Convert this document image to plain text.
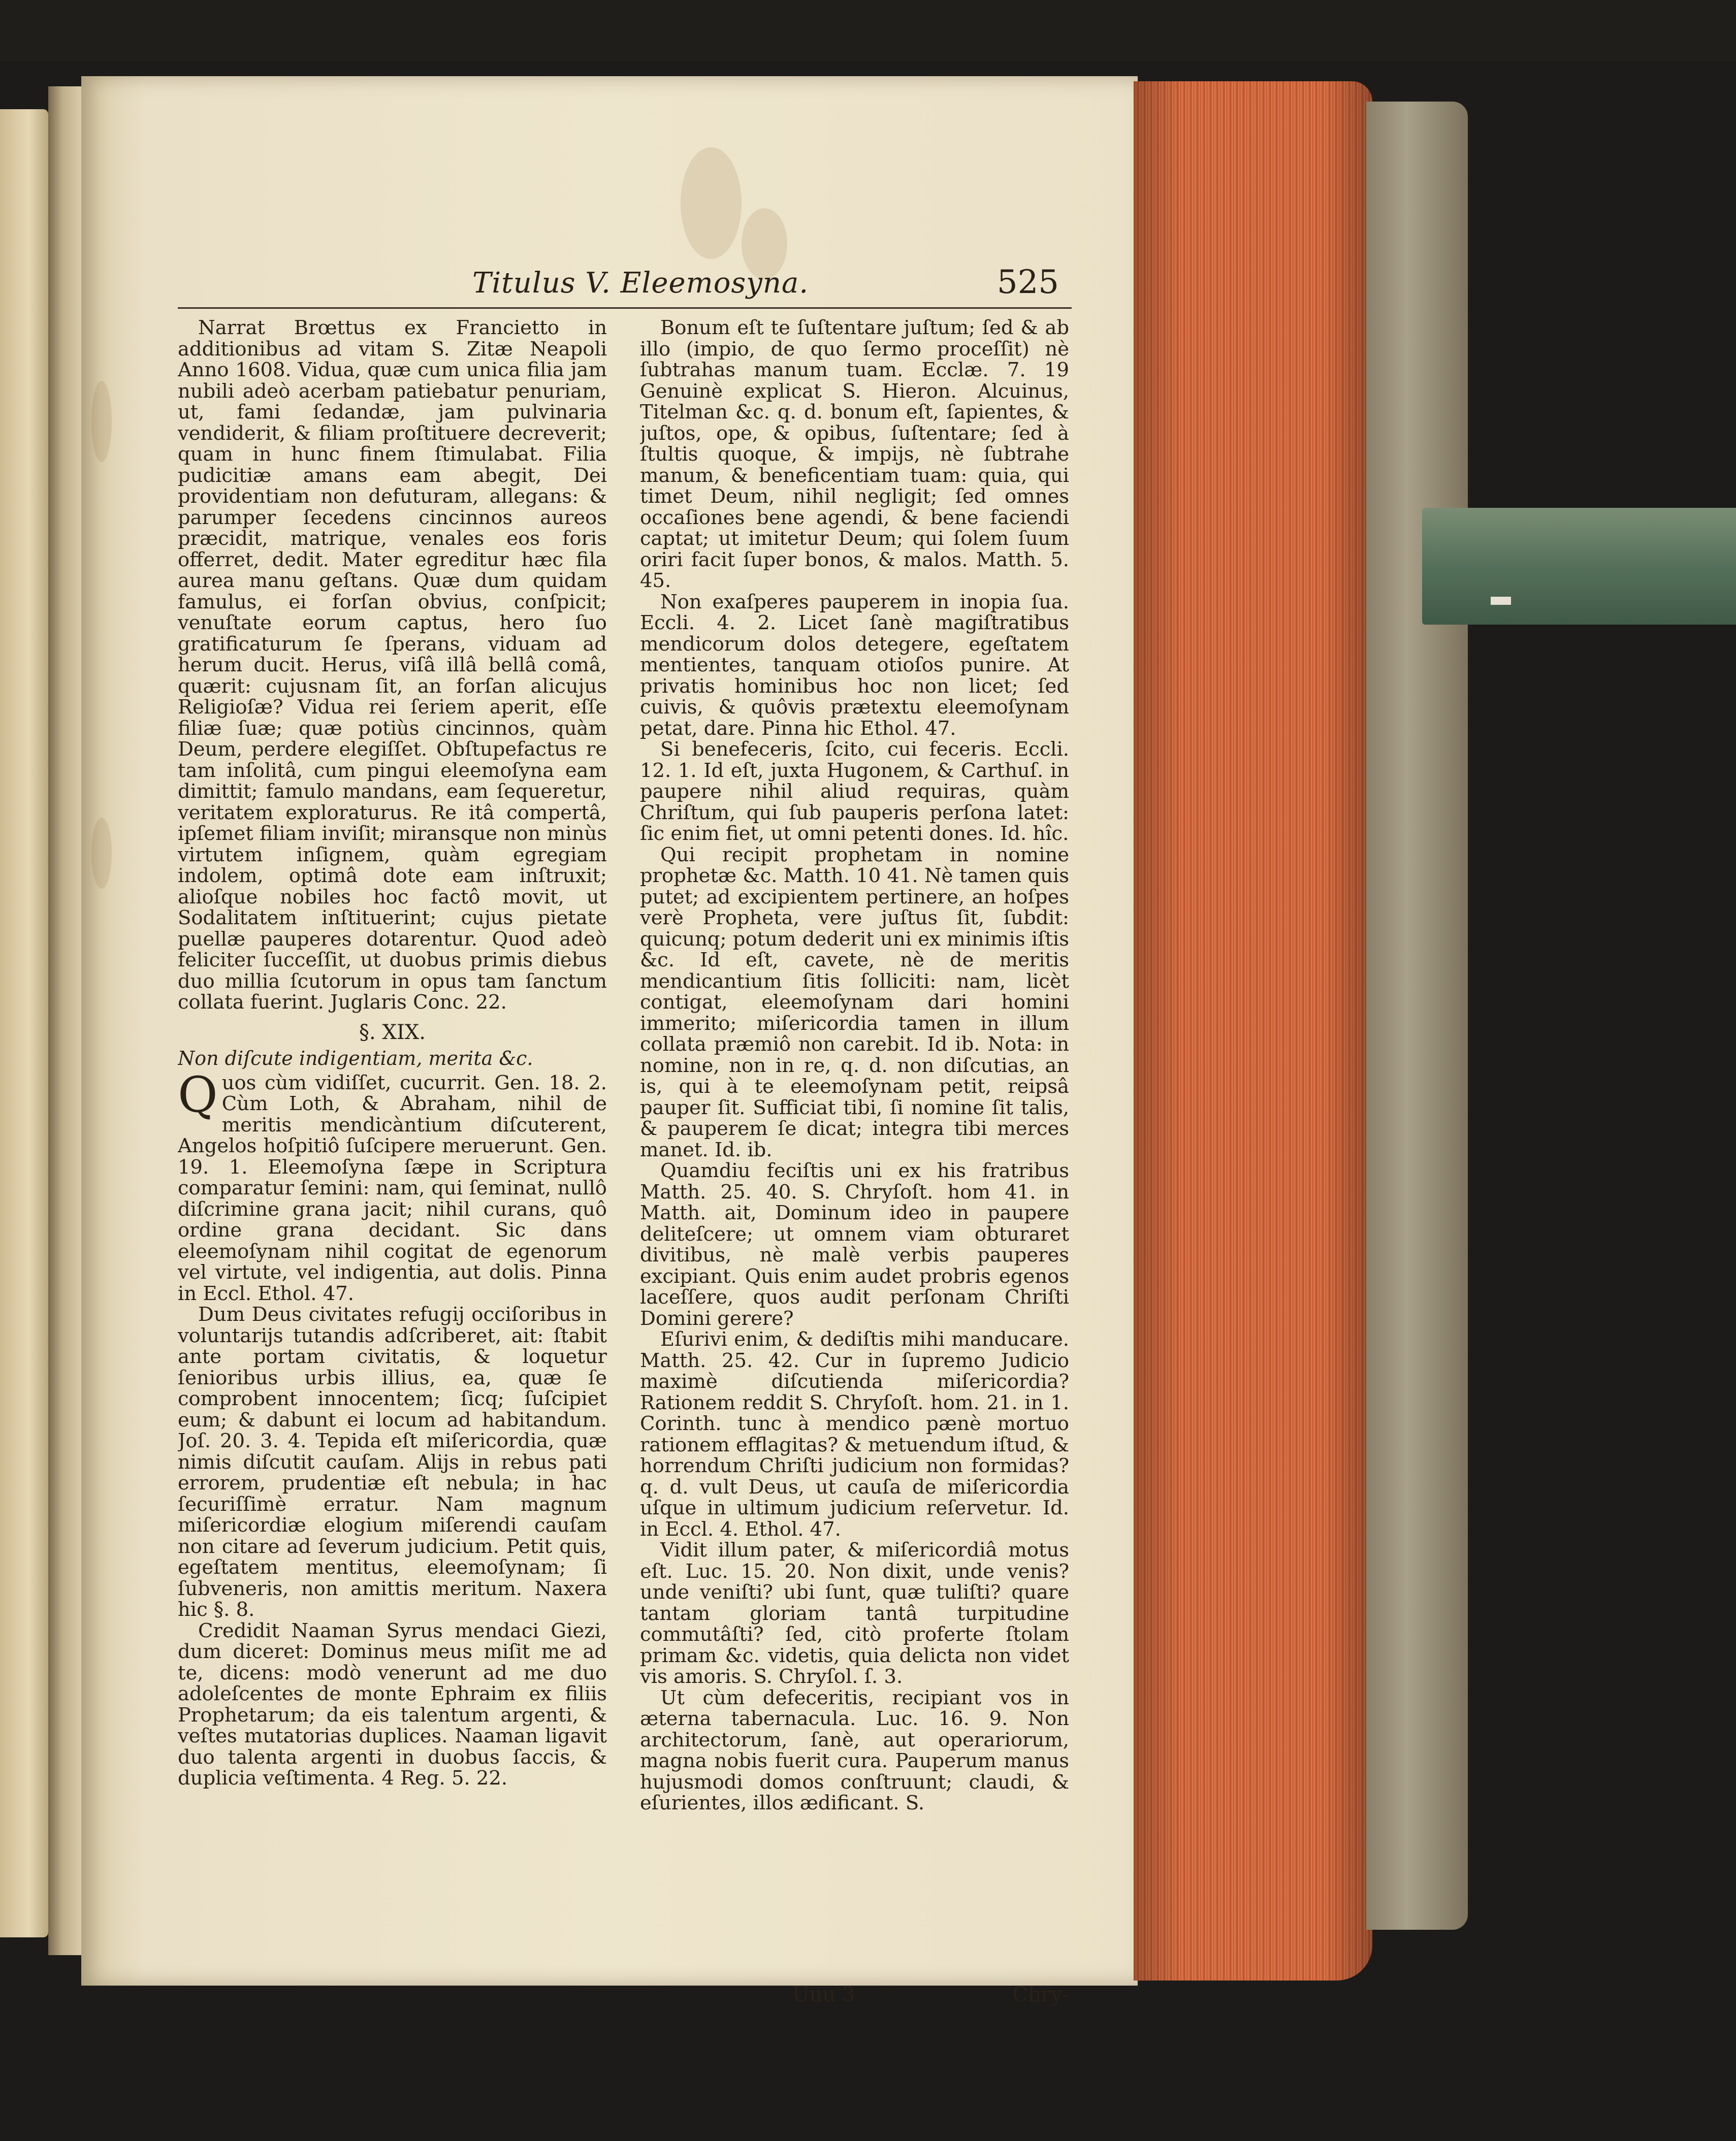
Titulus V. Eleemosyna.	525

Narrat Brœttus ex Francietto in additionibus ad vitam S. Zitæ Neapoli Anno 1608. Vidua, quæ cum unica filia jam nubili adeò acerbam patiebatur penuriam, ut, fami ſedandæ, jam pulvinaria vendiderit, & filiam proſtituere decreverit; quam in hunc finem ſtimulabat. Filia pudicitiæ amans eam abegit, Dei providentiam non defuturam, allegans: & parumper ſecedens cincinnos aureos præcidit, matrique, venales eos foris offerret, dedit. Mater egreditur hæc fila aurea manu geſtans. Quæ dum quidam famulus, ei forſan obvius, conſpicit; venuſtate eorum captus, hero ſuo gratificaturum ſe ſperans, viduam ad herum ducit. Herus, viſâ illâ bellâ comâ, quærit: cujusnam ſit, an forſan alicujus Religioſæ? Vidua rei ſeriem aperit, eſſe filiæ ſuæ; quæ potiùs cincinnos, quàm Deum, perdere elegiſſet. Obſtupefactus re tam inſolitâ, cum pingui eleemoſyna eam dimittit; famulo mandans, eam ſequeretur, veritatem exploraturus. Re itâ compertâ, ipſemet filiam inviſit; miransque non minùs virtutem inſignem, quàm egregiam indolem, optimâ dote eam inſtruxit; alioſque nobiles hoc factô movit, ut Sodalitatem inſtituerint; cujus pietate puellæ pauperes dotarentur. Quod adeò feliciter ſucceſſit, ut duobus primis diebus duo millia ſcutorum in opus tam ſanctum collata fuerint. Juglaris Conc. 22.

§. XIX.
Non diſcute indigentiam, merita &c.

Quos cùm vidiſſet, cucurrit. Gen. 18. 2. Cùm Loth, & Abraham, nihil de meritis mendicàntium diſcuterent, Angelos hoſpitiô ſuſcipere meruerunt. Gen. 19. 1. Eleemoſyna ſæpe in Scriptura comparatur ſemini: nam, qui ſeminat, nullô diſcrimine grana jacit; nihil curans, quô ordine grana decidant. Sic dans eleemoſynam nihil cogitat de egenorum vel virtute, vel indigentia, aut dolis. Pinna in Eccl. Ethol. 47.

Dum Deus civitates refugij occiſoribus in voluntarijs tutandis adſcriberet, ait: ſtabit ante portam civitatis, & loquetur ſenioribus urbis illius, ea, quæ ſe comprobent innocentem; ſicq; ſuſcipiet eum; & dabunt ei locum ad habitandum. Joſ. 20. 3. 4. Tepida eſt miſericordia, quæ nimis diſcutit cauſam. Alijs in rebus pati errorem, prudentiæ eſt nebula; in hac ſecuriſſimè erratur. Nam magnum miſericordiæ elogium miſerendi cauſam non citare ad ſeverum judicium. Petit quis, egeſtatem mentitus, eleemoſynam; ſi ſubveneris, non amittis meritum. Naxera hic §. 8.

Credidit Naaman Syrus mendaci Giezi, dum diceret: Dominus meus miſit me ad te, dicens: modò venerunt ad me duo adoleſcentes de monte Ephraim ex filiis Prophetarum; da eis talentum argenti, & veſtes mutatorias duplices. Naaman ligavit duo talenta argenti in duobus ſaccis, & duplicia veſtimenta. 4 Reg. 5. 22.

Bonum eſt te ſuſtentare juſtum; ſed & ab illo (impio, de quo ſermo proceſſit) nè ſubtrahas manum tuam. Ecclæ. 7. 19 Genuinè explicat S. Hieron. Alcuinus, Titelman &c. q. d. bonum eſt, ſapientes, & juſtos, ope, & opibus, ſuſtentare; ſed à ſtultis quoque, & impijs, nè ſubtrahe manum, & beneficentiam tuam: quia, qui timet Deum, nihil negligit; ſed omnes occaſiones bene agendi, & bene faciendi captat; ut imitetur Deum; qui ſolem ſuum oriri facit ſuper bonos, & malos. Matth. 5. 45.

Non exaſperes pauperem in inopia ſua. Eccli. 4. 2. Licet ſanè magiſtratibus mendicorum dolos detegere, egeſtatem mentientes, tanquam otioſos punire. At privatis hominibus hoc non licet; ſed cuivis, & quôvis prætextu eleemoſynam petat, dare. Pinna hic Ethol. 47.

Si benefeceris, ſcito, cui feceris. Eccli. 12. 1. Id eſt, juxta Hugonem, & Carthuſ. in paupere nihil aliud requiras, quàm Chriſtum, qui ſub pauperis perſona latet: ſic enim fiet, ut omni petenti dones. Id. hîc.

Qui recipit prophetam in nomine prophetæ &c. Matth. 10 41. Nè tamen quis putet; ad excipientem pertinere, an hoſpes verè Propheta, vere juſtus ſit, ſubdit: quicunq; potum dederit uni ex minimis iſtis &c. Id eſt, cavete, nè de meritis mendicantium ſitis ſolliciti: nam, licèt contigat, eleemoſynam dari homini immerito; miſericordia tamen in illum collata præmiô non carebit. Id ib. Nota: in nomine, non in re, q. d. non diſcutias, an is, qui à te eleemoſynam petit, reipsâ pauper ſit. Sufficiat tibi, ſi nomine ſit talis, & pauperem ſe dicat; integra tibi merces manet. Id. ib.

Quamdiu feciſtis uni ex his fratribus Matth. 25. 40. S. Chryſoſt. hom 41. in Matth. ait, Dominum ideo in paupere deliteſcere; ut omnem viam obturaret divitibus, nè malè verbis pauperes excipiant. Quis enim audet probris egenos laceſſere, quos audit perſonam Chriſti Domini gerere?

Eſurivi enim, & dediſtis mihi manducare. Matth. 25. 42. Cur in ſupremo Judicio maximè diſcutienda miſericordia? Rationem reddit S. Chryſoſt. hom. 21. in 1. Corinth. tunc à mendico pænè mortuo rationem efflagitas? & metuendum iſtud, & horrendum Chriſti judicium non formidas? q. d. vult Deus, ut cauſa de miſericordia uſque in ultimum judicium reſervetur. Id. in Eccl. 4. Ethol. 47.

Vidit illum pater, & miſericordiâ motus eſt. Luc. 15. 20. Non dixit, unde venis? unde veniſti? ubi ſunt, quæ tuliſti? quare tantam gloriam tantâ turpitudine commutâſti? ſed, citò proferte ſtolam primam &c. videtis, quia delicta non videt vis amoris. S. Chryſol. ſ. 3.

Ut cùm defeceritis, recipiant vos in æterna tabernacula. Luc. 16. 9. Non architectorum, ſanè, aut operariorum, magna nobis fuerit cura. Pauperum manus hujusmodi domos conſtruunt; claudi, & eſurientes, illos ædificant. S.

Uuu 3	Chry-
